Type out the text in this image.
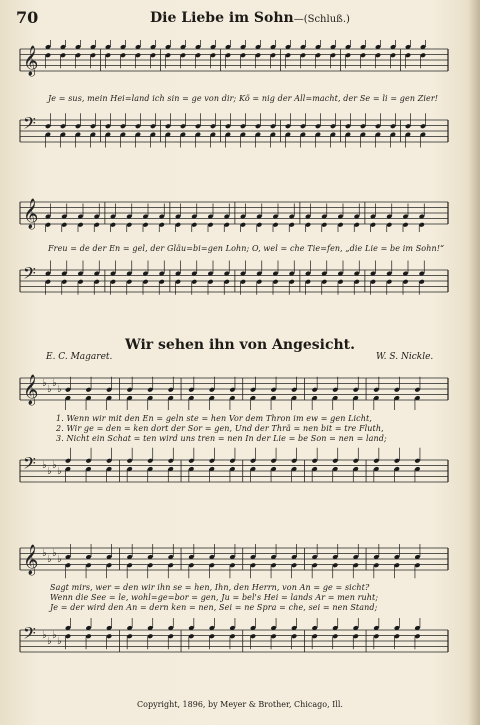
70	Die Liebe im Sohn—(Schluß.)
𝄞
Je = sus, mein Hei=land ich sin = ge von dir; Kö = nig der All=macht, der Se = li = gen Zier!
𝄢
𝄞
Freu = de der En = gel, der Gläu=bi=gen Lohn; O, wel = che Tie=fen, „die Lie = be im Sohn!“
𝄢
Wir sehen ihn von Angesicht.
E. C. Magaret.	W. S. Nickle.
𝄞 ♭
♭
♭
♭
1. Wenn wir mit den En = geln ste = hen Vor dem Thron im ew = gen Licht,
2. Wir ge = den = ken dort der Sor = gen, Und der Thrä = nen bit = tre Fluth,
3. Nicht ein Schat = ten wird uns tren = nen In der Lie = be Son = nen = land;
𝄢 ♭
♭
♭
♭
𝄞 ♭
♭
♭
♭
Sagt mirs, wer = den wir ihn se = hen, Ihn, den Herrn, von An = ge = sicht?
Wenn die See = le, wohl=ge=bor = gen, Ju = bel's Hei = lands Ar = men ruht;
Je = der wird den An = dern ken = nen, Sei = ne Spra = che, sei = nen Stand;
𝄢 ♭
♭
♭
♭
Copyright, 1896, by Meyer & Brother, Chicago, Ill.
